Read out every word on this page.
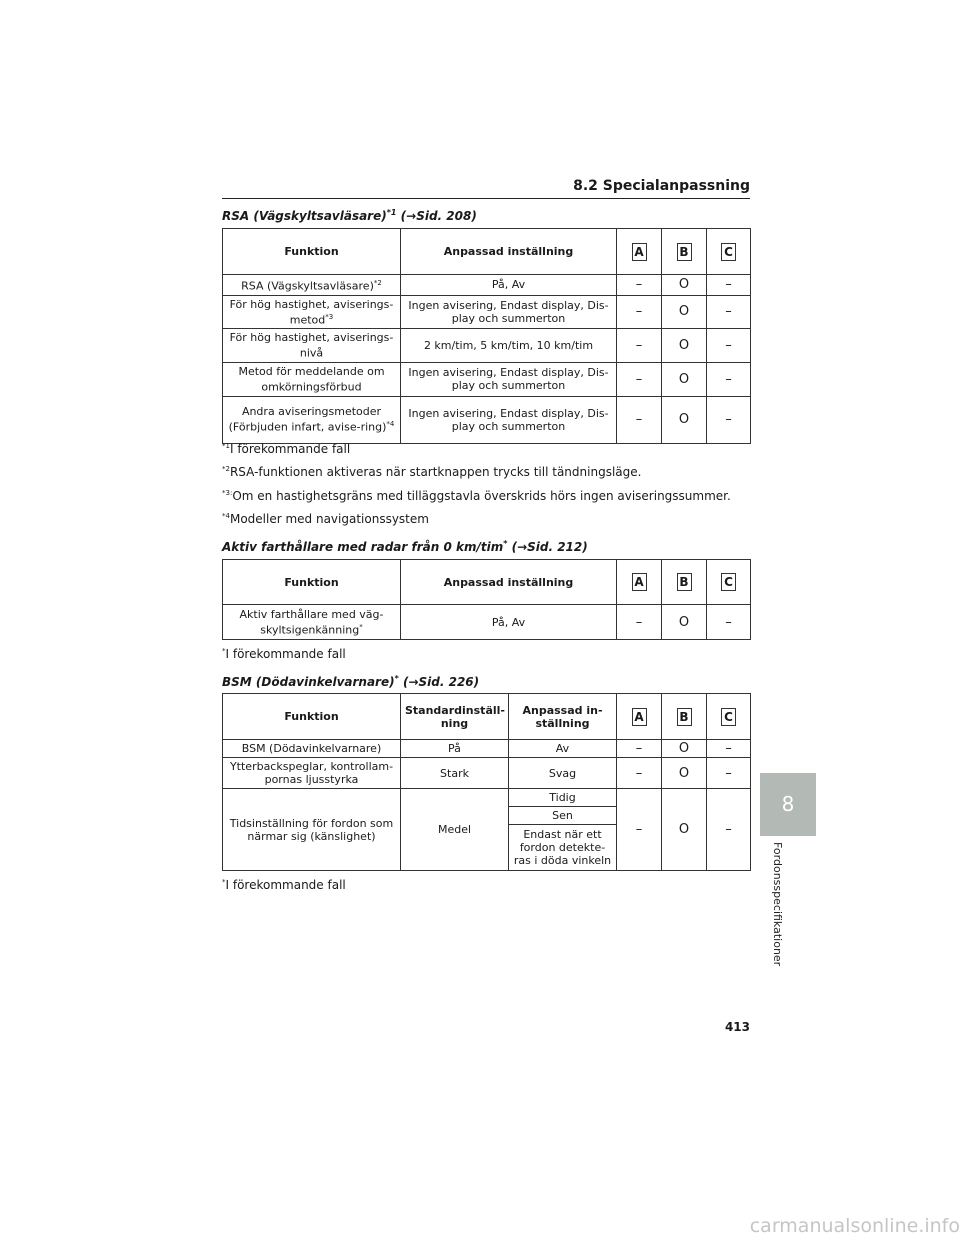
8.2 Specialanpassning
RSA (Vägskyltsavläsare)$^{*1}$ (→Sid. 208)
Funktion	Anpassad inställning	A	B	C
RSA (Vägskyltsavläsare)$^{*2}$	På, Av	–	O	–
För hög hastighet, aviserings-metod$^{*3}$	Ingen avisering, Endast display, Dis-play och summerton	–	O	–
För hög hastighet, aviserings-nivå	2 km/tim, 5 km/tim, 10 km/tim	–	O	–
Metod för meddelande om omkörningsförbud	Ingen avisering, Endast display, Dis-play och summerton	–	O	–
Andra aviseringsmetoder (Förbjuden infart, avise-ring)$^{*4}$	Ingen avisering, Endast display, Dis-play och summerton	–	O	–
$^{*1}$I förekommande fall
$^{*2}$RSA-funktionen aktiveras när startknappen trycks till tändningsläge.
$^{*3:}$Om en hastighetsgräns med tilläggstavla överskrids hörs ingen aviseringssummer.
$^{*4}$Modeller med navigationssystem
Aktiv farthållare med radar från 0 km/tim* (→Sid. 212)
Funktion	Anpassad inställning	A	B	C
Aktiv farthållare med väg-skyltsigenkänning*	På, Av	–	O	–
*I förekommande fall
BSM (Dödavinkelvarnare)* (→Sid. 226)
Funktion	Standardinställ-ning	Anpassad in-ställning	A	B	C
BSM (Dödavinkelvarnare)	På	Av	–	O	–
Ytterbackspeglar, kontrollam-pornas ljusstyrka	Stark	Svag	–	O	–
Tidsinställning för fordon som närmar sig (känslighet)	Medel	Tidig	–	O	–
		Sen			
		Endast när ett fordon detekte-ras i döda vinkeln			
*I förekommande fall
8
Fordonsspecifikationer
413
carmanualsonline.info
